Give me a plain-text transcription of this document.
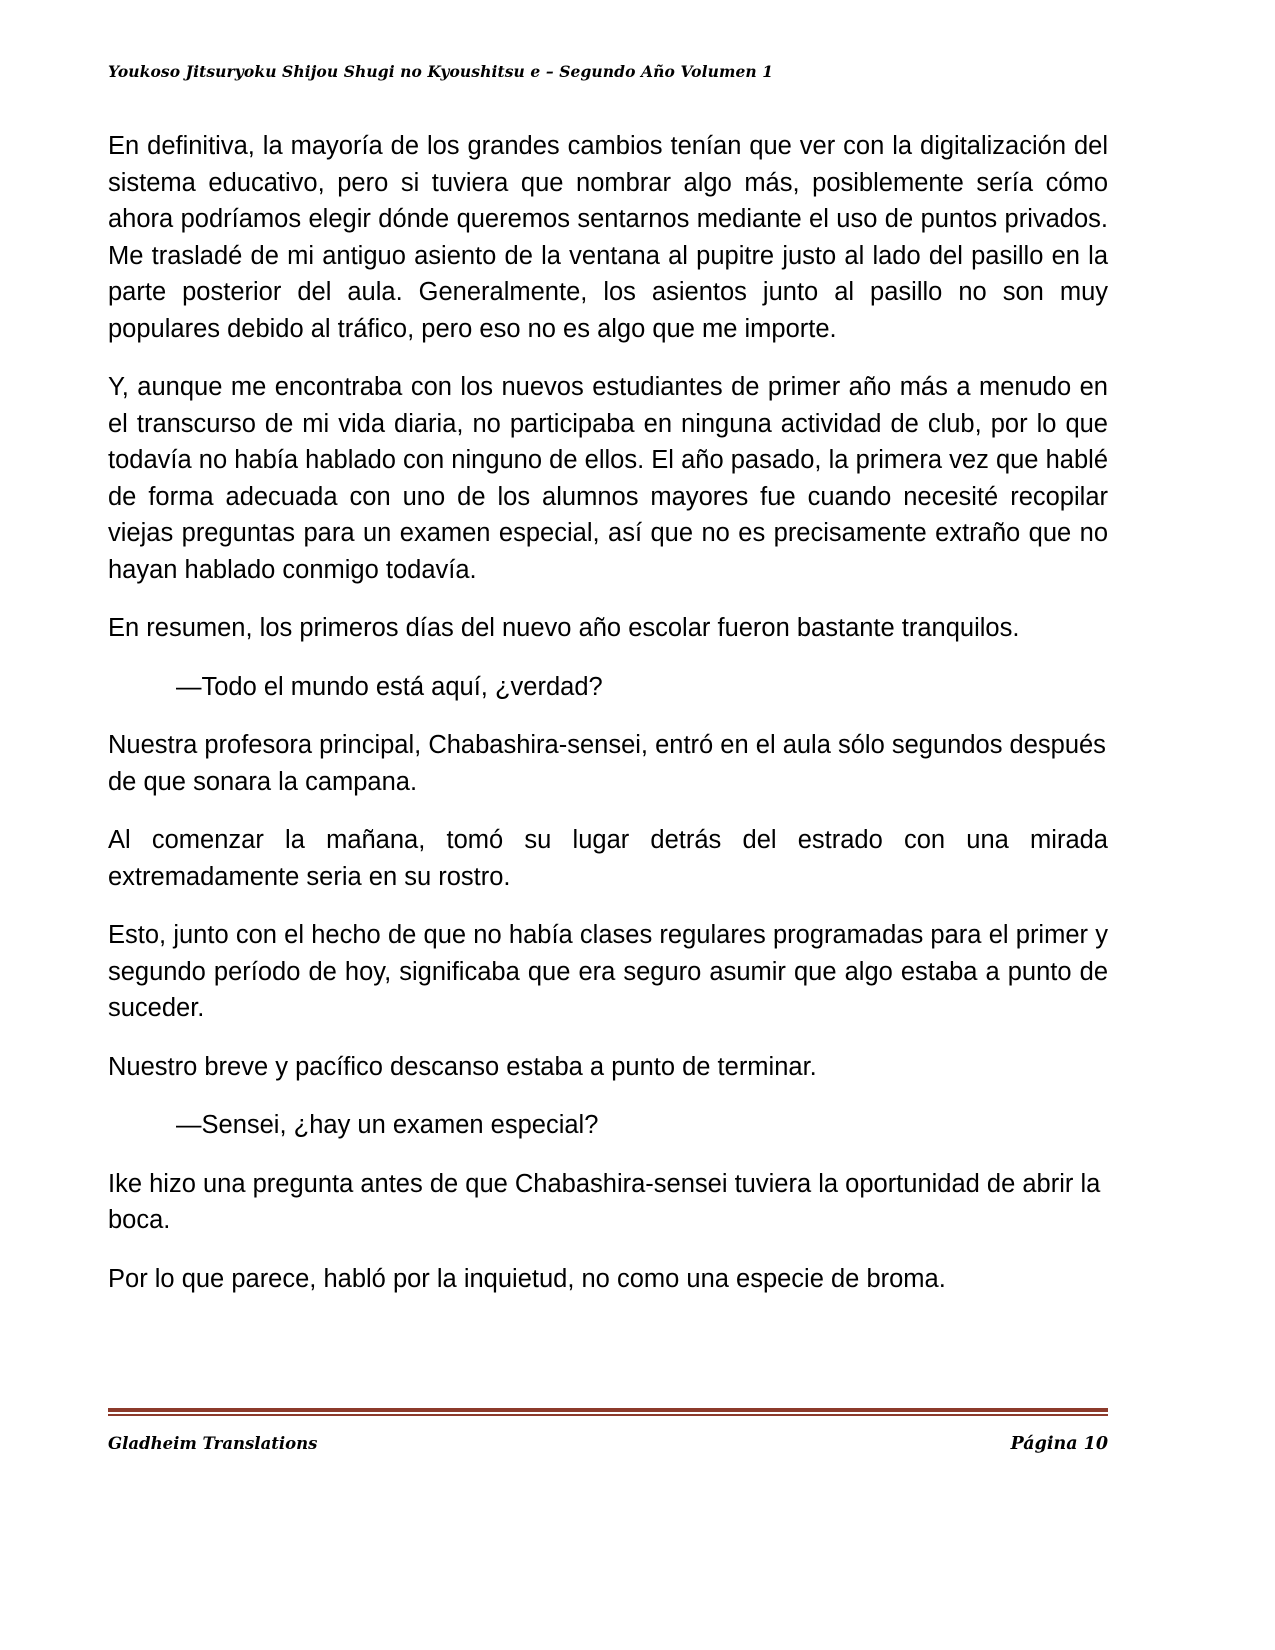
Youkoso Jitsuryoku Shijou Shugi no Kyoushitsu e – Segundo Año Volumen 1

En definitiva, la mayoría de los grandes cambios tenían que ver con la digitalización del sistema educativo, pero si tuviera que nombrar algo más, posiblemente sería cómo ahora podríamos elegir dónde queremos sentarnos mediante el uso de puntos privados. Me trasladé de mi antiguo asiento de la ventana al pupitre justo al lado del pasillo en la parte posterior del aula. Generalmente, los asientos junto al pasillo no son muy populares debido al tráfico, pero eso no es algo que me importe.

Y, aunque me encontraba con los nuevos estudiantes de primer año más a menudo en el transcurso de mi vida diaria, no participaba en ninguna actividad de club, por lo que todavía no había hablado con ninguno de ellos. El año pasado, la primera vez que hablé de forma adecuada con uno de los alumnos mayores fue cuando necesité recopilar viejas preguntas para un examen especial, así que no es precisamente extraño que no hayan hablado conmigo todavía.

En resumen, los primeros días del nuevo año escolar fueron bastante tranquilos.

—Todo el mundo está aquí, ¿verdad?

Nuestra profesora principal, Chabashira-sensei, entró en el aula sólo segundos después de que sonara la campana.

Al comenzar la mañana, tomó su lugar detrás del estrado con una mirada extremadamente seria en su rostro.

Esto, junto con el hecho de que no había clases regulares programadas para el primer y segundo período de hoy, significaba que era seguro asumir que algo estaba a punto de suceder.

Nuestro breve y pacífico descanso estaba a punto de terminar.

—Sensei, ¿hay un examen especial?

Ike hizo una pregunta antes de que Chabashira-sensei tuviera la oportunidad de abrir la boca.

Por lo que parece, habló por la inquietud, no como una especie de broma.

Gladheim Translations	Página 10
